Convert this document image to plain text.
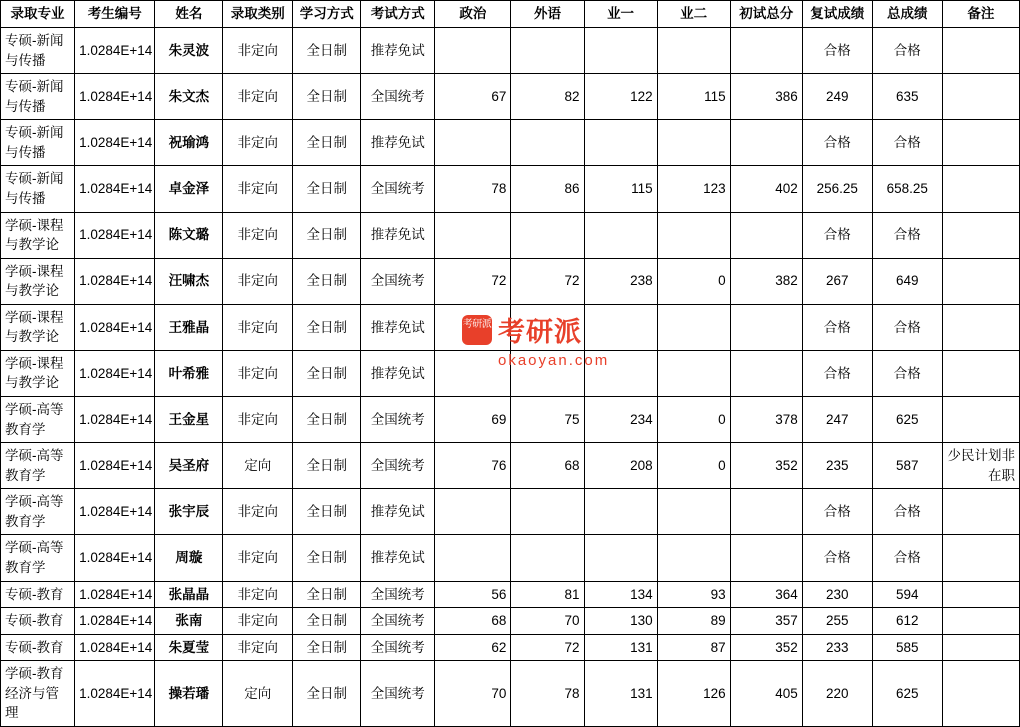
录取专业	考生编号	姓名	录取类别	学习方式	考试方式	政治	外语	业一	业二	初试总分	复试成绩	总成绩	备注
专硕-新闻与传播	1.0284E+14	朱灵波	非定向	全日制	推荐免试						合格	合格	
专硕-新闻与传播	1.0284E+14	朱文杰	非定向	全日制	全国统考	67	82	122	115	386	249	635	
专硕-新闻与传播	1.0284E+14	祝瑜鸿	非定向	全日制	推荐免试						合格	合格	
专硕-新闻与传播	1.0284E+14	卓金泽	非定向	全日制	全国统考	78	86	115	123	402	256.25	658.25	
学硕-课程与教学论	1.0284E+14	陈文璐	非定向	全日制	推荐免试						合格	合格	
学硕-课程与教学论	1.0284E+14	汪啸杰	非定向	全日制	全国统考	72	72	238	0	382	267	649	
学硕-课程与教学论	1.0284E+14	王雅晶	非定向	全日制	推荐免试						合格	合格	
学硕-课程与教学论	1.0284E+14	叶希雅	非定向	全日制	推荐免试						合格	合格	
学硕-高等教育学	1.0284E+14	王金星	非定向	全日制	全国统考	69	75	234	0	378	247	625	
学硕-高等教育学	1.0284E+14	吴圣府	定向	全日制	全国统考	76	68	208	0	352	235	587	少民计划非在职
学硕-高等教育学	1.0284E+14	张宇辰	非定向	全日制	推荐免试						合格	合格	
学硕-高等教育学	1.0284E+14	周璇	非定向	全日制	推荐免试						合格	合格	
专硕-教育	1.0284E+14	张晶晶	非定向	全日制	全国统考	56	81	134	93	364	230	594	
专硕-教育	1.0284E+14	张南	非定向	全日制	全国统考	68	70	130	89	357	255	612	
专硕-教育	1.0284E+14	朱夏莹	非定向	全日制	全国统考	62	72	131	87	352	233	585	
学硕-教育经济与管理	1.0284E+14	操若璠	定向	全日制	全国统考	70	78	131	126	405	220	625	
考研派 考研派
okaoyan.com
